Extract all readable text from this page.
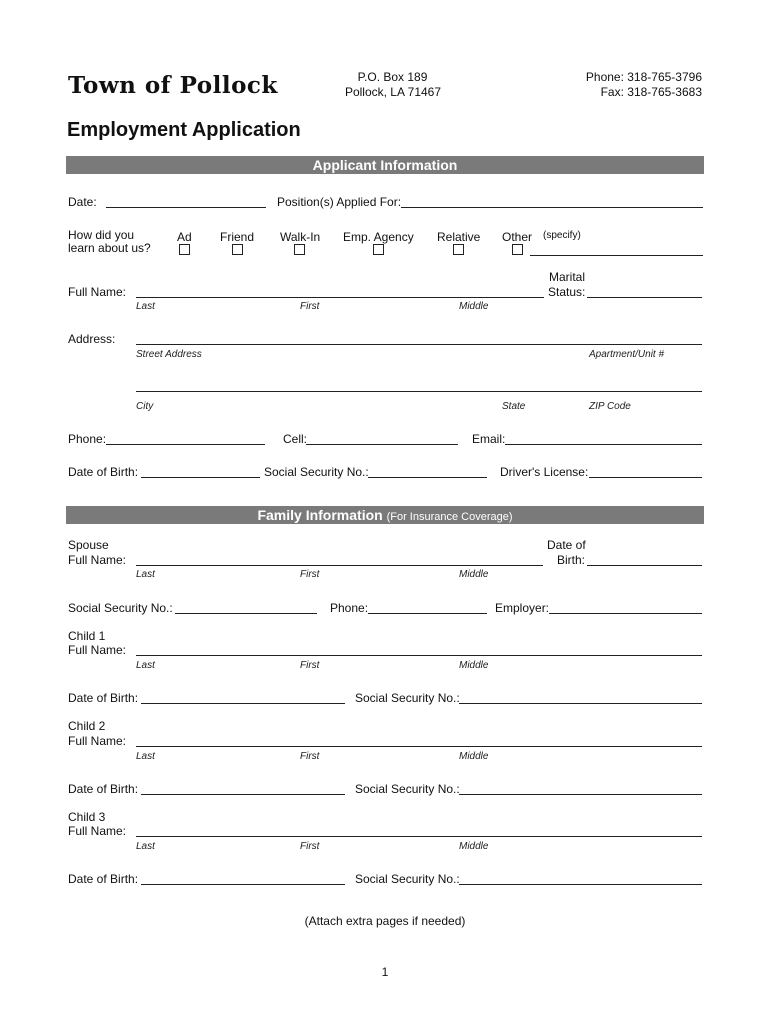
Town of Pollock	P.O. Box 189
Pollock, LA 71467
Phone: 318-765-3796
Fax: 318-765-3683
Employment Application
Applicant Information
Date:	Position(s) Applied For:
How did you
learn about us?
Ad Friend Walk-In Emp. Agency Relative Other (specify)
Marital
Status:
Full Name:
Last	First	Middle
Address:
Street Address	Apartment/Unit #
City	State	ZIP Code
Phone:	Cell:	Email:
Date of Birth:	Social Security No.:	Driver's License:
Family Information (For Insurance Coverage)
Spouse
Full Name:
Date of
Birth:
Last	First	Middle
Social Security No.:	Phone:	Employer:
Child 1
Full Name:
Last	First	Middle
Date of Birth:	Social Security No.:
Child 2
Full Name:
Last	First	Middle
Date of Birth:	Social Security No.:
Child 3
Full Name:
Last	First	Middle
Date of Birth:	Social Security No.:
(Attach extra pages if needed)
1
